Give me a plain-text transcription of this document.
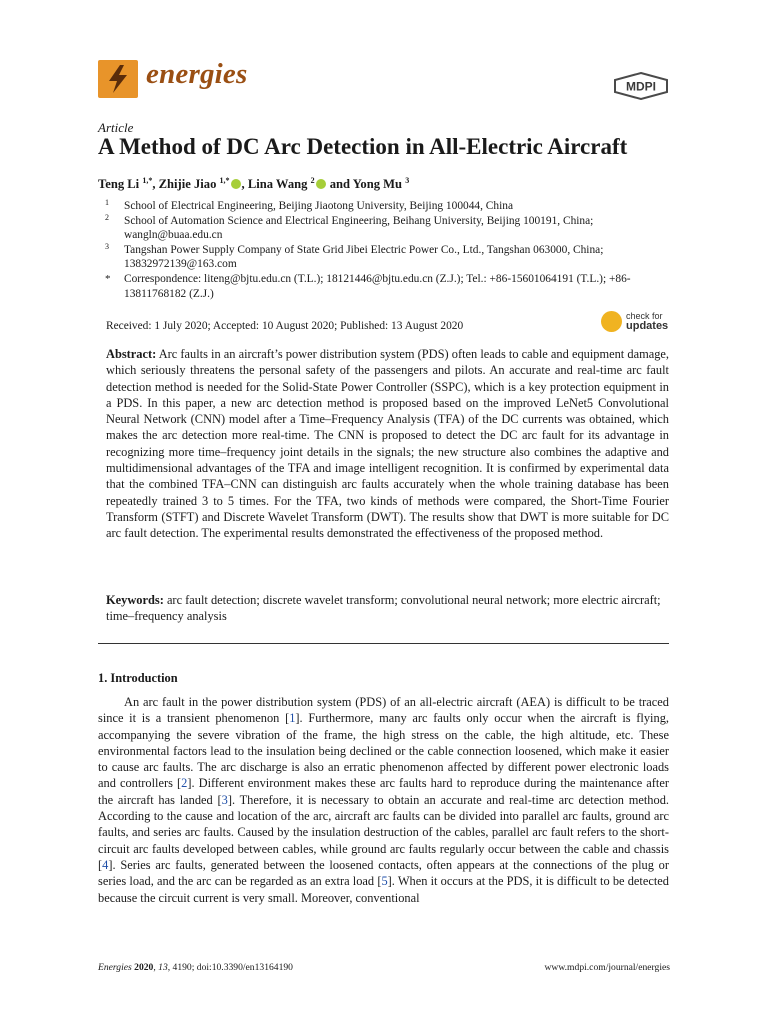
energies	MDPI
Article
A Method of DC Arc Detection in All-Electric Aircraft
Teng Li $^{1,*}$, Zhijie Jiao $^{1,*}$ , Lina Wang $^2$ and Yong Mu $^3$
1 School of Electrical Engineering, Beijing Jiaotong University, Beijing 100044, China
2 School of Automation Science and Electrical Engineering, Beihang University, Beijing 100191, China; wangln@buaa.edu.cn
3 Tangshan Power Supply Company of State Grid Jibei Electric Power Co., Ltd., Tangshan 063000, China; 13832972139@163.com
* Correspondence: liteng@bjtu.edu.cn (T.L.); 18121446@bjtu.edu.cn (Z.J.); Tel.: +86-15601064191 (T.L.); +86-13811768182 (Z.J.)
Received: 1 July 2020; Accepted: 10 August 2020; Published: 13 August 2020
check for
updates
Abstract: Arc faults in an aircraft’s power distribution system (PDS) often leads to cable and equipment damage, which seriously threatens the personal safety of the passengers and pilots. An accurate and real-time arc fault detection method is needed for the Solid-State Power Controller (SSPC), which is a key protection equipment in a PDS. In this paper, a new arc detection method is proposed based on the improved LeNet5 Convolutional Neural Network (CNN) model after a Time–Frequency Analysis (TFA) of the DC currents was obtained, which makes the arc detection more real-time. The CNN is proposed to detect the DC arc fault for its advantage in recognizing more time–frequency joint details in the signals; the new structure also combines the adaptive and multidimensional advantages of the TFA and image intelligent recognition. It is confirmed by experimental data that the combined TFA–CNN can distinguish arc faults accurately when the whole training database has been repeatedly trained 3 to 5 times. For the TFA, two kinds of methods were compared, the Short-Time Fourier Transform (STFT) and Discrete Wavelet Transform (DWT). The results show that DWT is more suitable for DC arc fault detection. The experimental results demonstrated the effectiveness of the proposed method.
Keywords: arc fault detection; discrete wavelet transform; convolutional neural network; more electric aircraft; time–frequency analysis
1. Introduction
An arc fault in the power distribution system (PDS) of an all-electric aircraft (AEA) is difficult to be traced since it is a transient phenomenon [1]. Furthermore, many arc faults only occur when the aircraft is flying, accompanying the severe vibration of the frame, the high stress on the cable, the high altitude, etc. These environmental factors lead to the insulation being declined or the cable connection loosened, which make it easier to cause arc faults. The arc discharge is also an erratic phenomenon affected by different power electronic loads and controllers [2]. Different environment makes these arc faults hard to reproduce during the maintenance after the aircraft has landed [3]. Therefore, it is necessary to obtain an accurate and real-time arc detection method. According to the cause and location of the arc, aircraft arc faults can be divided into parallel arc faults, ground arc faults, and series arc faults. Caused by the insulation destruction of the cables, parallel arc fault refers to the short-circuit arc faults developed between cables, while ground arc faults regularly occur between the cable and chassis [4]. Series arc faults, generated between the loosened contacts, often appears at the connections of the plug or series load, and the arc can be regarded as an extra load [5]. When it occurs at the PDS, it is difficult to be detected because the circuit current is very small. Moreover, conventional
Energies 2020, 13, 4190; doi:10.3390/en13164190	www.mdpi.com/journal/energies
